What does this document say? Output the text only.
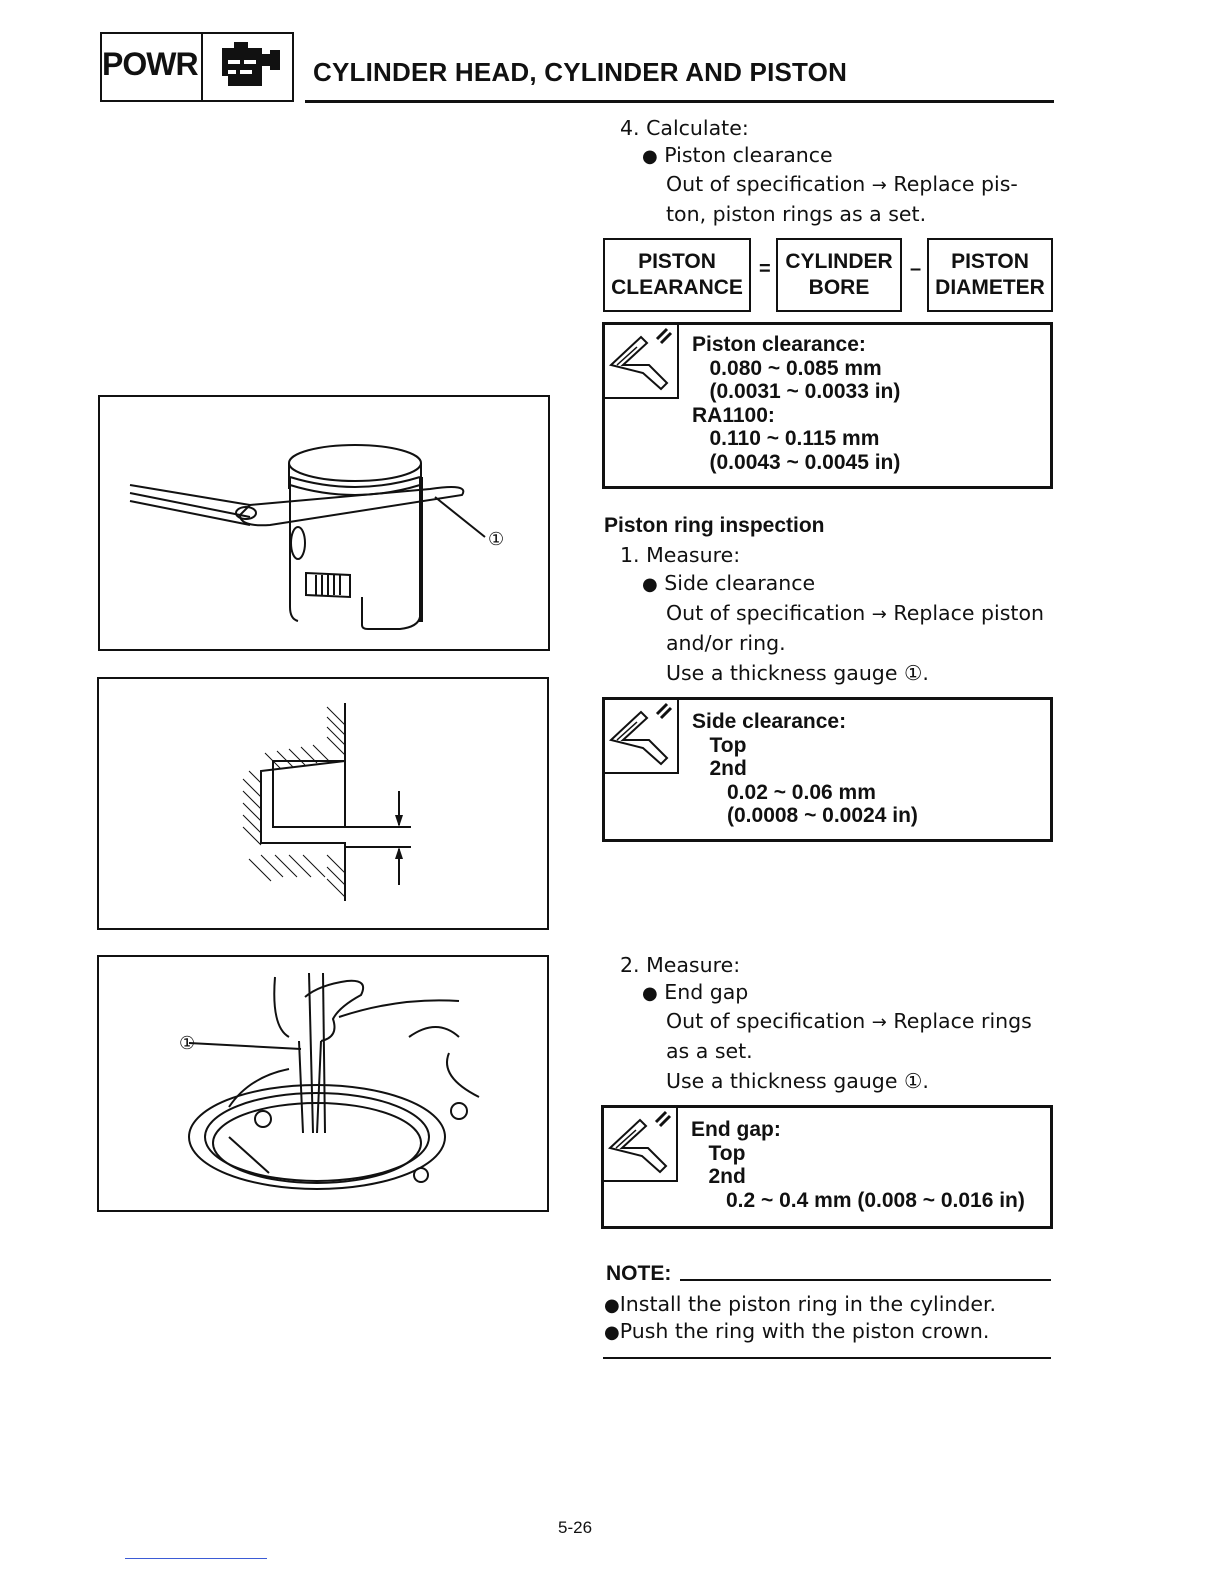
POWR	CYLINDER HEAD, CYLINDER AND PISTON
4. Calculate:
● Piston clearance
Out of specification → Replace pis-
ton, piston rings as a set.
PISTON
CLEARANCE
= CYLINDER
BORE
–	PISTON
DIAMETER
Piston clearance:
0.080 ~ 0.085 mm
(0.0031 ~ 0.0033 in)
RA1100:
0.110 ~ 0.115 mm
(0.0043 ~ 0.0045 in)
Piston ring inspection
1. Measure:
● Side clearance
Out of specification → Replace piston
and/or ring.
Use a thickness gauge ①.
Side clearance:
Top
2nd
0.02 ~ 0.06 mm
(0.0008 ~ 0.0024 in)
2. Measure:
● End gap
Out of specification → Replace rings
as a set.
Use a thickness gauge ①.
End gap:
Top
2nd
0.2 ~ 0.4 mm (0.008 ~ 0.016 in)
NOTE:
●Install the piston ring in the cylinder.
●Push the ring with the piston crown.
①
①
5-26
